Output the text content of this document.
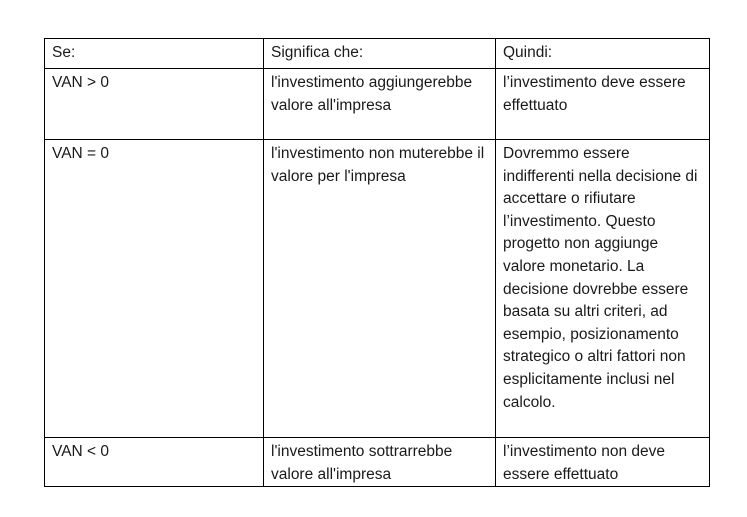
Se:	Significa che:	Quindi:

VAN > 0	l'investimento aggiungerebbe valore all'impresa	l’investimento deve essere effettuato

VAN = 0	l'investimento non muterebbe il valore per l'impresa	Dovremmo essere indifferenti nella decisione di accettare o rifiutare l’investimento. Questo progetto non aggiunge valore monetario. La decisione dovrebbe essere basata su altri criteri, ad esempio, posizionamento strategico o altri fattori non esplicitamente inclusi nel calcolo.

VAN < 0	l'investimento sottrarrebbe valore all'impresa	l’investimento non deve essere effettuato
